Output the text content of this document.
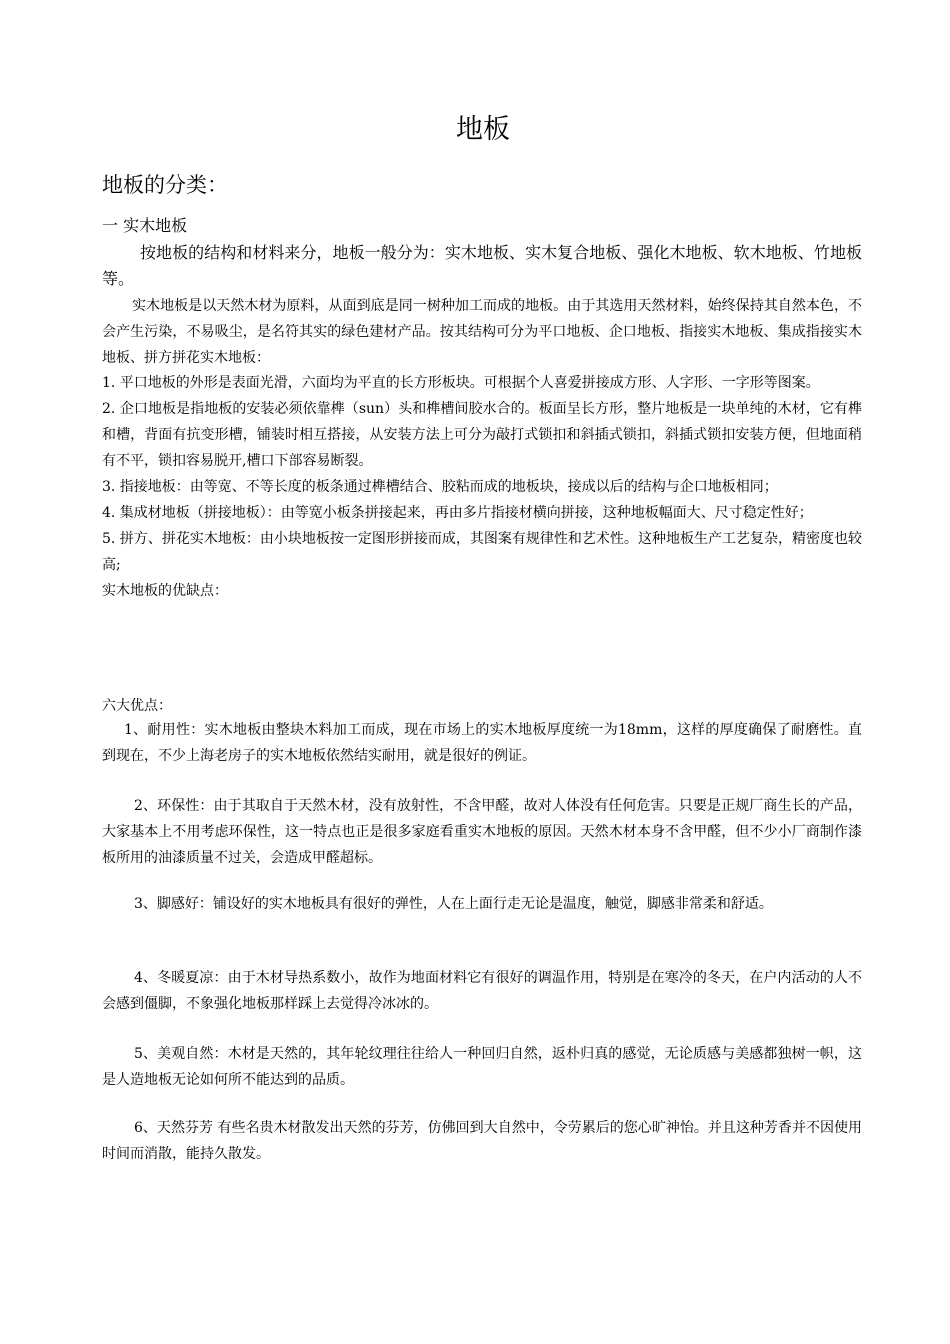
地板
地板的分类：
一 实木地板

按地板的结构和材料来分，地板一般分为：实木地板、实木复合地板、强化木地板、软木地板、竹地板等。

实木地板是以天然木材为原料，从面到底是同一树种加工而成的地板。由于其选用天然材料，始终保持其自然本色，不会产生污染，不易吸尘，是名符其实的绿色建材产品。按其结构可分为平口地板、企口地板、指接实木地板、集成指接实木地板、拼方拼花实木地板：

1. 平口地板的外形是表面光滑，六面均为平直的长方形板块。可根据个人喜爱拼接成方形、人字形、一字形等图案。

2. 企口地板是指地板的安装必须依靠榫（sun）头和榫槽间胶水合的。板面呈长方形，整片地板是一块单纯的木材，它有榫和槽，背面有抗变形槽，铺装时相互搭接，从安装方法上可分为敲打式锁扣和斜插式锁扣，斜插式锁扣安装方便，但地面稍有不平，锁扣容易脱开,槽口下部容易断裂。

3. 指接地板：由等宽、不等长度的板条通过榫槽结合、胶粘而成的地板块，接成以后的结构与企口地板相同；

4. 集成材地板（拼接地板）：由等宽小板条拼接起来，再由多片指接材横向拼接，这种地板幅面大、尺寸稳定性好；

5. 拼方、拼花实木地板：由小块地板按一定图形拼接而成，其图案有规律性和艺术性。这种地板生产工艺复杂，精密度也较高;

实木地板的优缺点：

六大优点：

1、耐用性：实木地板由整块木料加工而成，现在市场上的实木地板厚度统一为18mm，这样的厚度确保了耐磨性。直到现在，不少上海老房子的实木地板依然结实耐用，就是很好的例证。

2、环保性：由于其取自于天然木材，没有放射性，不含甲醛，故对人体没有任何危害。只要是正规厂商生长的产品，大家基本上不用考虑环保性，这一特点也正是很多家庭看重实木地板的原因。天然木材本身不含甲醛，但不少小厂商制作漆板所用的油漆质量不过关，会造成甲醛超标。

3、脚感好：铺设好的实木地板具有很好的弹性，人在上面行走无论是温度，触觉，脚感非常柔和舒适。

4、冬暖夏凉：由于木材导热系数小，故作为地面材料它有很好的调温作用，特别是在寒冷的冬天，在户内活动的人不会感到僵脚，不象强化地板那样踩上去觉得冷冰冰的。

5、美观自然：木材是天然的，其年轮纹理往往给人一种回归自然，返朴归真的感觉，无论质感与美感都独树一帜，这是人造地板无论如何所不能达到的品质。

6、天然芬芳 有些名贵木材散发出天然的芬芳，仿佛回到大自然中，令劳累后的您心旷神怡。并且这种芳香并不因使用时间而消散，能持久散发。
